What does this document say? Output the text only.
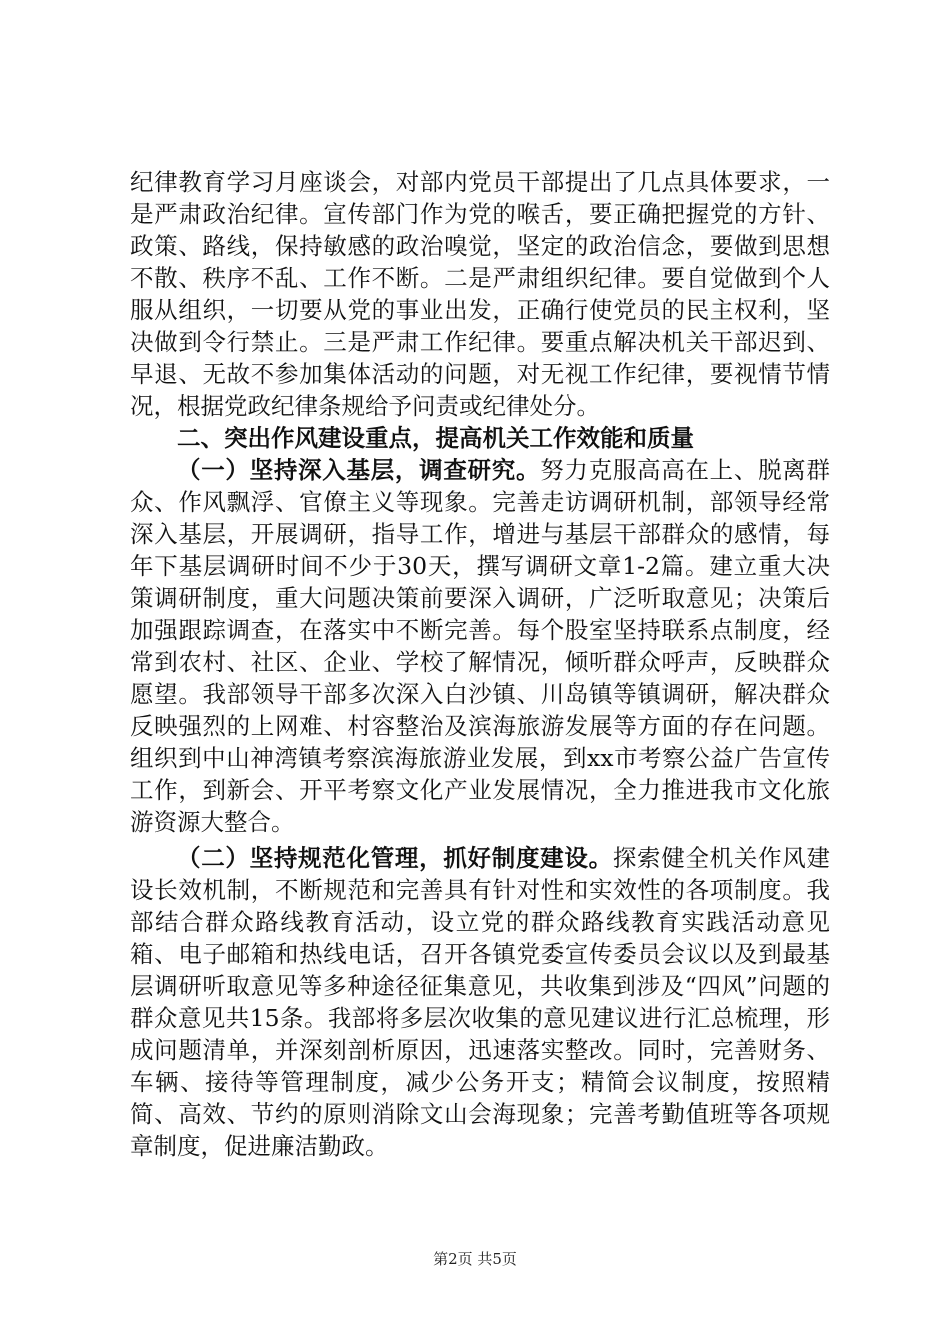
纪律教育学习月座谈会，对部内党员干部提出了几点具体要求，一是严肃政治纪律。宣传部门作为党的喉舌，要正确把握党的方针、政策、路线，保持敏感的政治嗅觉，坚定的政治信念，要做到思想不散、秩序不乱、工作不断。二是严肃组织纪律。要自觉做到个人服从组织，一切要从党的事业出发，正确行使党员的民主权利，坚决做到令行禁止。三是严肃工作纪律。要重点解决机关干部迟到、早退、无故不参加集体活动的问题，对无视工作纪律，要视情节情况，根据党政纪律条规给予问责或纪律处分。

二、突出作风建设重点，提高机关工作效能和质量

（一）坚持深入基层，调查研究。努力克服高高在上、脱离群众、作风飘浮、官僚主义等现象。完善走访调研机制，部领导经常深入基层，开展调研，指导工作，增进与基层干部群众的感情，每年下基层调研时间不少于30天，撰写调研文章1-2篇。建立重大决策调研制度，重大问题决策前要深入调研，广泛听取意见；决策后加强跟踪调查，在落实中不断完善。每个股室坚持联系点制度，经常到农村、社区、企业、学校了解情况，倾听群众呼声，反映群众愿望。我部领导干部多次深入白沙镇、川岛镇等镇调研，解决群众反映强烈的上网难、村容整治及滨海旅游发展等方面的存在问题。组织到中山神湾镇考察滨海旅游业发展，到xx市考察公益广告宣传工作，到新会、开平考察文化产业发展情况，全力推进我市文化旅游资源大整合。

（二）坚持规范化管理，抓好制度建设。探索健全机关作风建设长效机制，不断规范和完善具有针对性和实效性的各项制度。我部结合群众路线教育活动，设立党的群众路线教育实践活动意见箱、电子邮箱和热线电话，召开各镇党委宣传委员会议以及到最基层调研听取意见等多种途径征集意见，共收集到涉及“四风”问题的群众意见共15条。我部将多层次收集的意见建议进行汇总梳理，形成问题清单，并深刻剖析原因，迅速落实整改。同时，完善财务、车辆、接待等管理制度，减少公务开支；精简会议制度，按照精简、高效、节约的原则消除文山会海现象；完善考勤值班等各项规章制度，促进廉洁勤政。

第2页 共5页
